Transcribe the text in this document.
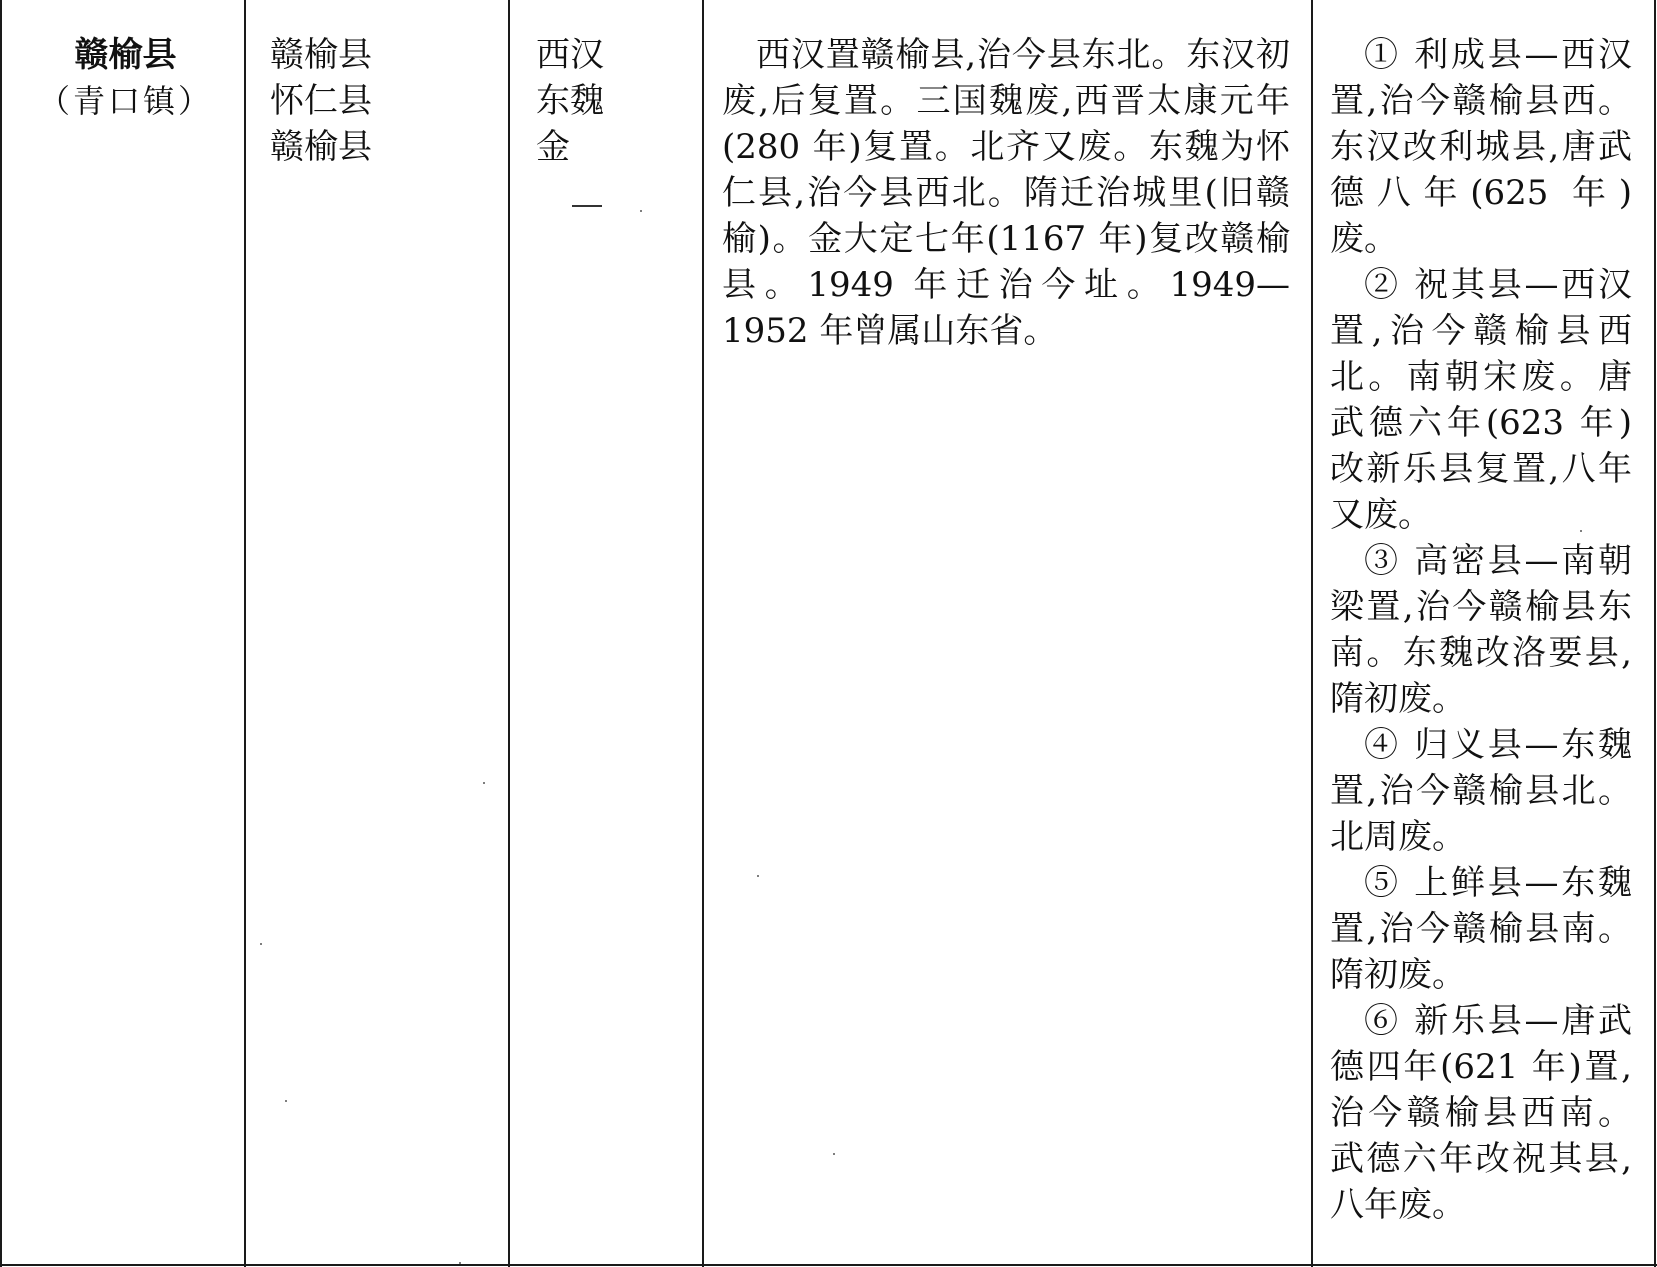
赣榆县
（青口镇）
赣榆县
怀仁县
赣榆县
西汉
东魏
金

西汉置赣榆县,治今县东北。东汉初废,后复置。三国魏废,西晋太康元年(280 年)复置。北齐又废。东魏为怀仁县,治今县西北。隋迁治城里(旧赣榆)。金大定七年(1167 年)复改赣榆县。1949 年迁治今址。1949—1952 年曾属山东省。

① 利成县—西汉置,治今赣榆县西。东汉改利城县,唐武德八年(625 年)废。

② 祝其县—西汉置,治今赣榆县西北。南朝宋废。唐武德六年(623 年)改新乐县复置,八年又废。

③ 高密县—南朝梁置,治今赣榆县东南。东魏改洛要县,隋初废。

④ 归义县—东魏置,治今赣榆县北。北周废。

⑤ 上鲜县—东魏置,治今赣榆县南。隋初废。

⑥ 新乐县—唐武德四年(621 年)置,治今赣榆县西南。武德六年改祝其县,八年废。
